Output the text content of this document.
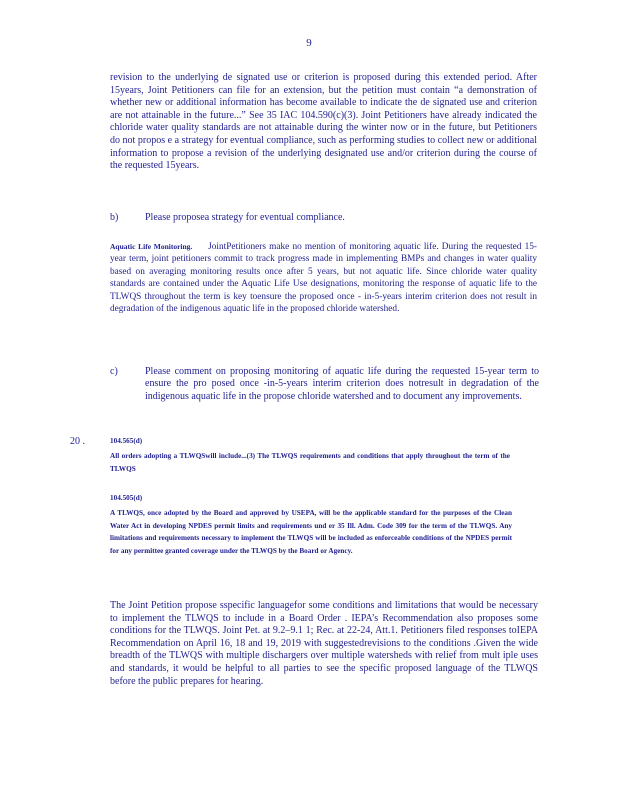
9
revision to the underlying de signated use or criterion is proposed during this extended period. After 15years, Joint Petitioners can file for an extension, but the petition must contain “a demonstration of whether new or additional information has become available to indicate the de signated use and criterion are not attainable in the future...” See 35 IAC 104.590(c)(3). Joint Petitioners have already indicated the chloride water quality standards are not attainable during the winter now or in the future, but Petitioners do not propos e a strategy for eventual compliance, such as performing studies to collect new or additional information to propose a revision of the underlying designated use and/or criterion during the course of the requested 15years.
b)	Please proposea strategy for eventual compliance.
Aquatic Life Monitoring. JointPetitioners make no mention of monitoring aquatic life. During the requested 15-year term, joint petitioners commit to track progress made in implementing BMPs and changes in water quality based on averaging monitoring results once after 5 years, but not aquatic life. Since chloride water quality standards are contained under the Aquatic Life Use designations, monitoring the response of aquatic life to the TLWQS throughout the term is key toensure the proposed once - in-5-years interim criterion does not result in degradation of the indigenous aquatic life in the proposed chloride watershed.
c)	Please comment on proposing monitoring of aquatic life during the requested 15-year term to ensure the pro posed once -in-5-years interim criterion does notresult in degradation of the indigenous aquatic life in the propose chloride watershed and to document any improvements.
20 .	104.565(d)
All orders adopting a TLWQSwill include...(3) The TLWQS requirements and conditions that apply throughout the term of the TLWQS
104.505(d)
A TLWQS, once adopted by the Board and approved by USEPA, will be the applicable standard for the purposes of the Clean Water Act in developing NPDES permit limits and requirements und er 35 Ill. Adm. Code 309 for the term of the TLWQS. Any limitations and requirements necessary to implement the TLWQS will be included as enforceable conditions of the NPDES permit for any permittee granted coverage under the TLWQS by the Board or Agency.
The Joint Petition propose sspecific languagefor some conditions and limitations that would be necessary to implement the TLWQS to include in a Board Order . IEPA’s Recommendation also proposes some conditions for the TLWQS. Joint Pet. at 9.2–9.1 1; Rec. at 22-24, Att.1. Petitioners filed responses toIEPA Recommendation on April 16, 18 and 19, 2019 with suggestedrevisions to the conditions .Given the wide breadth of the TLWQS with multiple dischargers over multiple watersheds with relief from mult iple uses and standards, it would be helpful to all parties to see the specific proposed language of the TLWQS before the public prepares for hearing.
